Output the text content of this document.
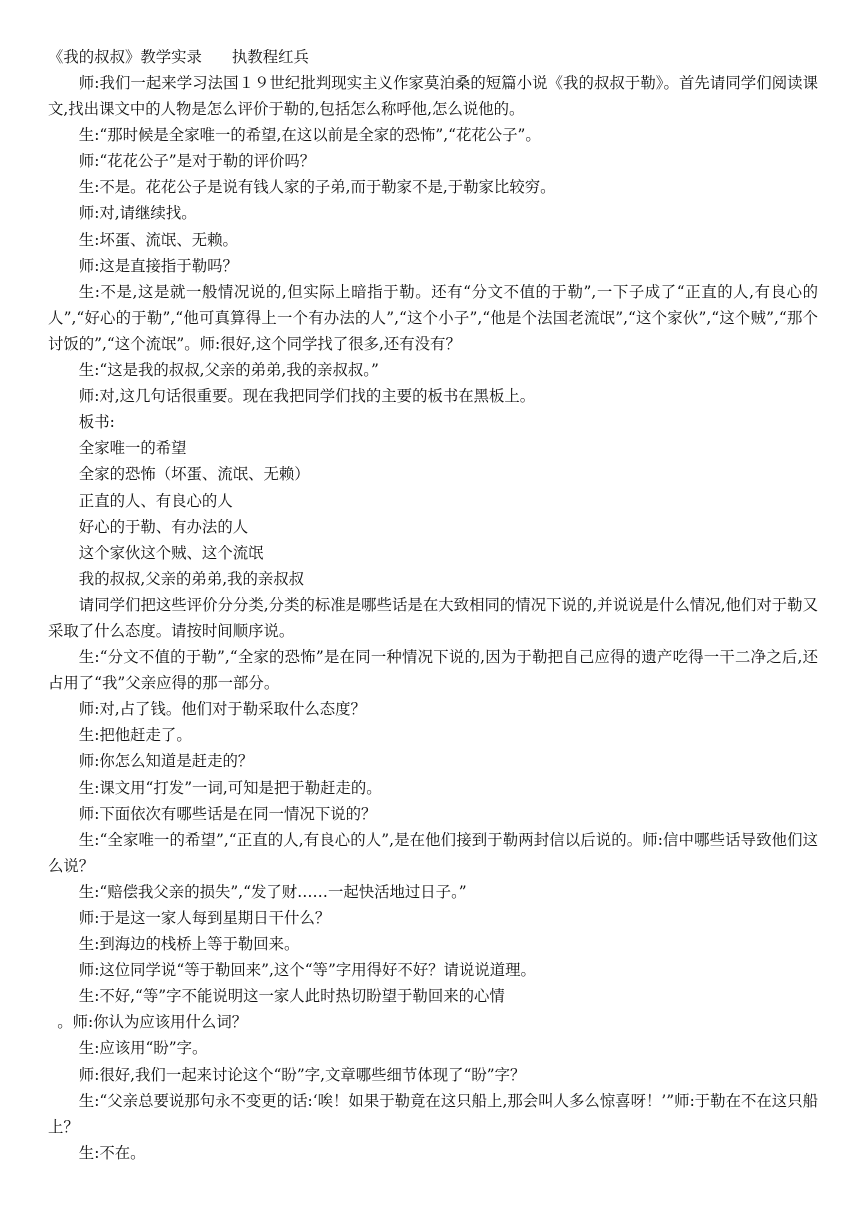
《我的叔叔》教学实录 执教程红兵
师:我们一起来学习法国１９世纪批判现实主义作家莫泊桑的短篇小说《我的叔叔于勒》。首先请同学们阅读课文,找出课文中的人物是怎么评价于勒的,包括怎么称呼他,怎么说他的。
生:“那时候是全家唯一的希望,在这以前是全家的恐怖”,“花花公子”。
师:“花花公子”是对于勒的评价吗？
生:不是。花花公子是说有钱人家的子弟,而于勒家不是,于勒家比较穷。
师:对,请继续找。
生:坏蛋、流氓、无赖。
师:这是直接指于勒吗？
生:不是,这是就一般情况说的,但实际上暗指于勒。还有“分文不值的于勒”,一下子成了“正直的人,有良心的人”,“好心的于勒”,“他可真算得上一个有办法的人”,“这个小子”,“他是个法国老流氓”,“这个家伙”,“这个贼”,“那个讨饭的”,“这个流氓”。师:很好,这个同学找了很多,还有没有？
生:“这是我的叔叔,父亲的弟弟,我的亲叔叔。”
师:对,这几句话很重要。现在我把同学们找的主要的板书在黑板上。
板书:
全家唯一的希望
全家的恐怖（坏蛋、流氓、无赖）
正直的人、有良心的人
好心的于勒、有办法的人
这个家伙这个贼、这个流氓
我的叔叔,父亲的弟弟,我的亲叔叔
请同学们把这些评价分分类,分类的标准是哪些话是在大致相同的情况下说的,并说说是什么情况,他们对于勒又采取了什么态度。请按时间顺序说。
生:“分文不值的于勒”,“全家的恐怖”是在同一种情况下说的,因为于勒把自己应得的遗产吃得一干二净之后,还占用了“我”父亲应得的那一部分。
师:对,占了钱。他们对于勒采取什么态度？
生:把他赶走了。
师:你怎么知道是赶走的？
生:课文用“打发”一词,可知是把于勒赶走的。
师:下面依次有哪些话是在同一情况下说的？
生:“全家唯一的希望”,“正直的人,有良心的人”,是在他们接到于勒两封信以后说的。师:信中哪些话导致他们这么说？
生:“赔偿我父亲的损失”,“发了财……一起快活地过日子。”
师:于是这一家人每到星期日干什么？
生:到海边的栈桥上等于勒回来。
师:这位同学说“等于勒回来”,这个“等”字用得好不好？请说说道理。
生:不好,“等”字不能说明这一家人此时热切盼望于勒回来的心情
。师:你认为应该用什么词？
生:应该用“盼”字。
师:很好,我们一起来讨论这个“盼”字,文章哪些细节体现了“盼”字？
生:“父亲总要说那句永不变更的话:‘唉！如果于勒竟在这只船上,那会叫人多么惊喜呀！’”师:于勒在不在这只船上？
生:不在。
